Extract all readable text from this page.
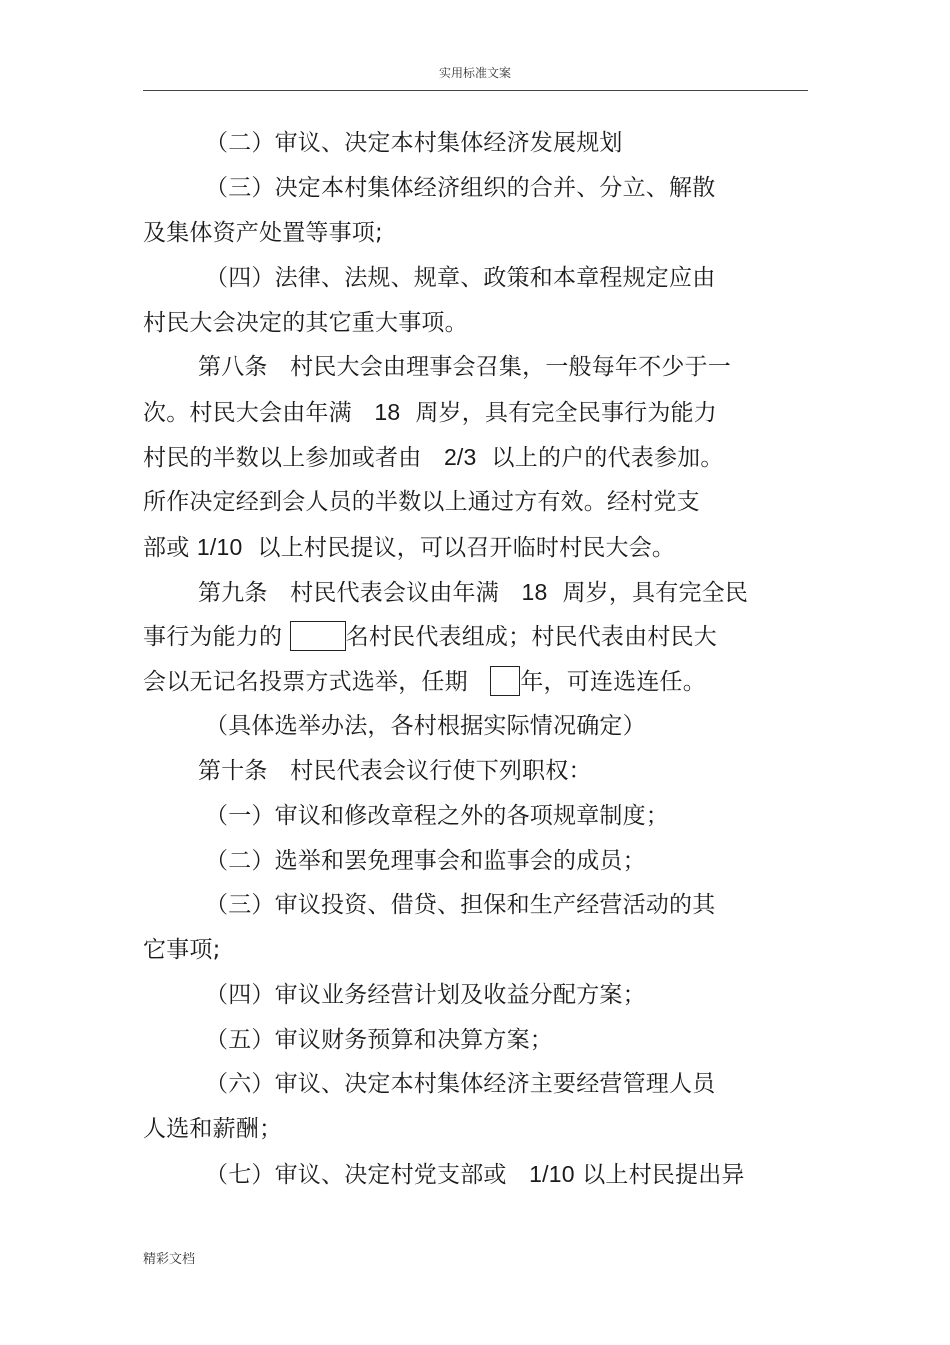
实用标准文案
（二）审议、决定本村集体经济发展规划
（三）决定本村集体经济组织的合并、分立、解散
及集体资产处置等事项;
（四）法律、法规、规章、政策和本章程规定应由
村民大会决定的其它重大事项。
第八条   村民大会由理事会召集，一般每年不少于一
次。村民大会由年满   18  周岁，具有完全民事行为能力
村民的半数以上参加或者由   2/3  以上的户的代表参加。
所作决定经到会人员的半数以上通过方有效。经村党支
部或 1/10  以上村民提议，可以召开临时村民大会。
第九条   村民代表会议由年满   18  周岁，具有完全民
事行为能力的 名村民代表组成；村民代表由村民大
会以无记名投票方式选举，任期   年，可连选连任。
（具体选举办法，各村根据实际情况确定）
第十条   村民代表会议行使下列职权：
（一）审议和修改章程之外的各项规章制度；
（二）选举和罢免理事会和监事会的成员；
（三）审议投资、借贷、担保和生产经营活动的其
它事项;
（四）审议业务经营计划及收益分配方案；
（五）审议财务预算和决算方案；
（六）审议、决定本村集体经济主要经营管理人员
人选和薪酬；
（七）审议、决定村党支部或   1/10 以上村民提出异
精彩文档
